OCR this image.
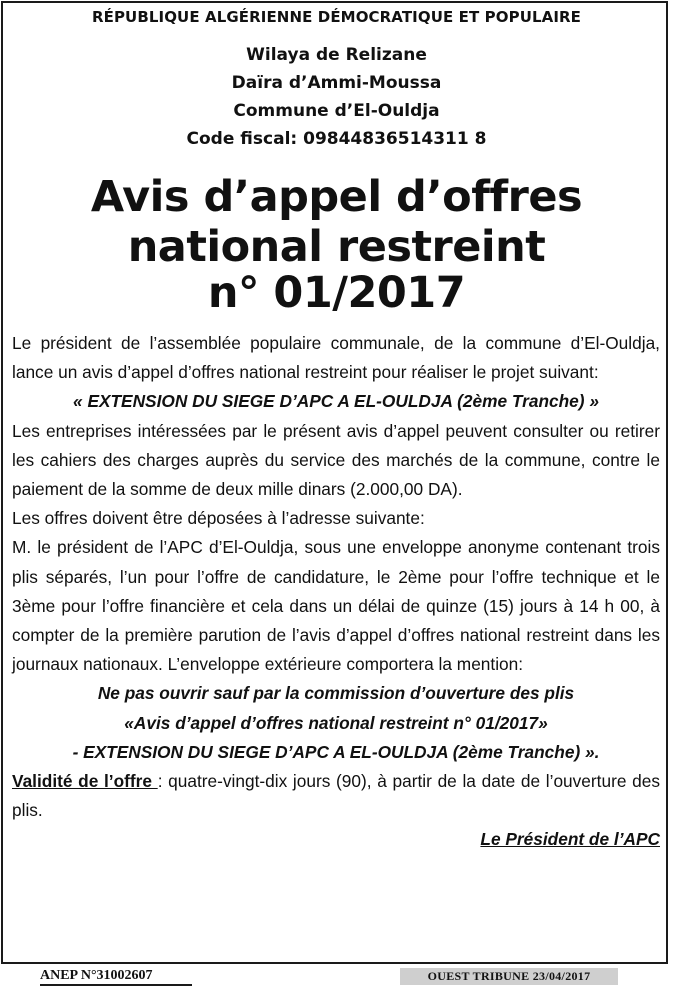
RÉPUBLIQUE ALGÉRIENNE DÉMOCRATIQUE ET POPULAIRE
Wilaya de Relizane
Daïra d’Ammi-Moussa
Commune d’El-Ouldja
Code fiscal: 09844836514311 8
Avis d’appel d’offres
national restreint
n° 01/2017

Le président de l’assemblée populaire communale, de la commune d’El-Ouldja, lance un avis d’appel d’offres national restreint pour réaliser le projet suivant:

« EXTENSION DU SIEGE D’APC A EL-OULDJA (2ème Tranche) »

Les entreprises intéressées par le présent avis d’appel peuvent consulter ou retirer les cahiers des charges auprès du service des marchés de la commune, contre le paiement de la somme de deux mille dinars (2.000,00 DA).

Les offres doivent être déposées à l’adresse suivante:

M. le président de l’APC d’El-Ouldja, sous une enveloppe anonyme contenant trois plis séparés, l’un pour l’offre de candidature, le 2ème pour l’offre technique et le 3ème pour l’offre financière et cela dans un délai de quinze (15) jours à 14 h 00, à compter de la première parution de l’avis d’appel d’offres national restreint dans les journaux nationaux. L’enveloppe extérieure comportera la mention:

Ne pas ouvrir sauf par la commission d’ouverture des plis

«Avis d’appel d’offres national restreint n° 01/2017»

- EXTENSION DU SIEGE D’APC A EL-OULDJA (2ème Tranche) ».

Validité de l’offre : quatre-vingt-dix jours (90), à partir de la date de l’ouverture des plis.

Le Président de l’APC

ANEP N°31002607	OUEST TRIBUNE 23/04/2017
